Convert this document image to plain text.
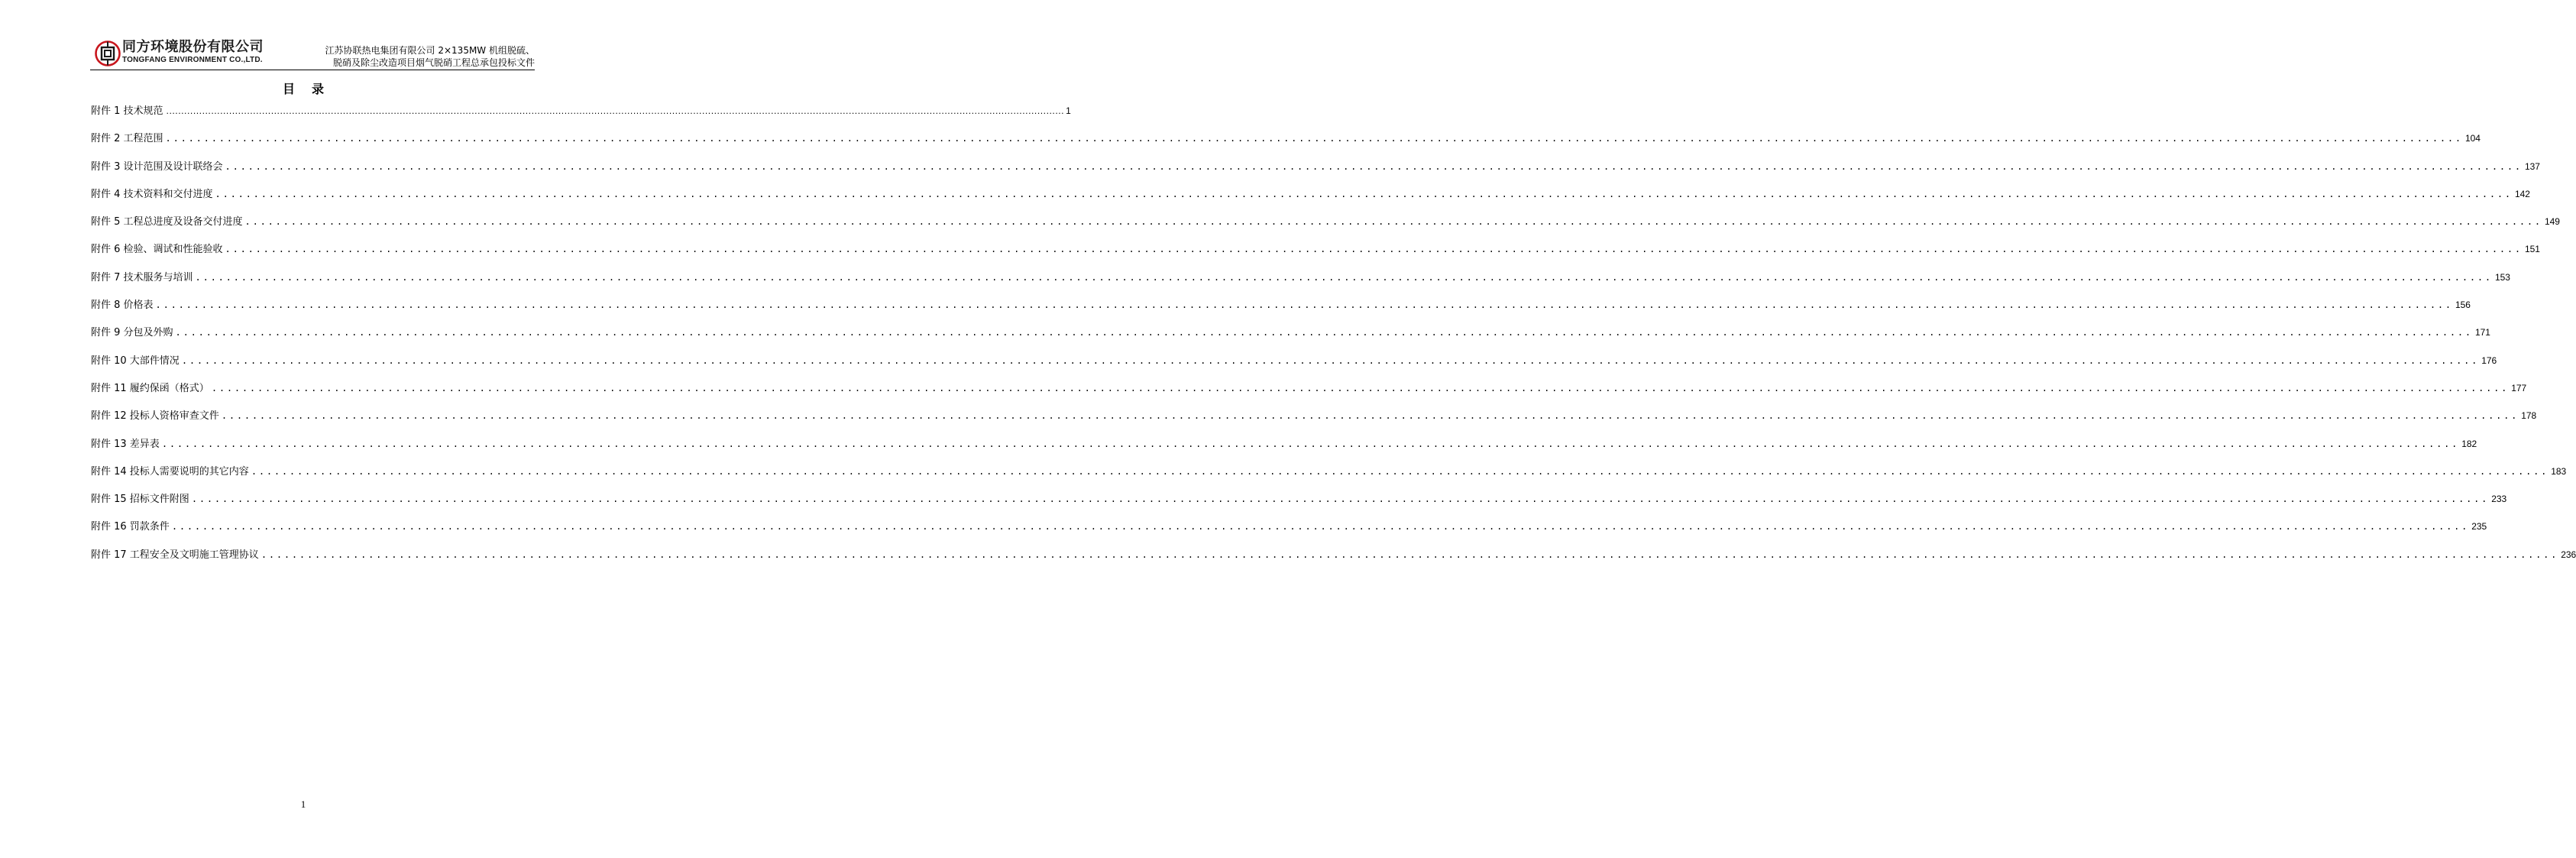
同方环境股份有限公司
TONGFANG ENVIRONMENT CO.,LTD.
江苏协联热电集团有限公司 2×135MW 机组脱硫、
脱硝及除尘改造项目烟气脱硝工程总承包投标文件
目录
附件 1 技术规范 ............................................................................................................................................................................................................................................................................................................ 1
附件 2 工程范围 ............................................................................................................................................................................................................................................................................................................ 104
附件 3 设计范围及设计联络会 ............................................................................................................................................................................................................................................................................................................ 137
附件 4 技术资料和交付进度 ............................................................................................................................................................................................................................................................................................................ 142
附件 5 工程总进度及设备交付进度 ............................................................................................................................................................................................................................................................................................................ 149
附件 6 检验、调试和性能验收 ............................................................................................................................................................................................................................................................................................................ 151
附件 7 技术服务与培训 ............................................................................................................................................................................................................................................................................................................ 153
附件 8 价格表 ............................................................................................................................................................................................................................................................................................................ 156
附件 9 分包及外购 ............................................................................................................................................................................................................................................................................................................ 171
附件 10 大部件情况 ............................................................................................................................................................................................................................................................................................................ 176
附件 11 履约保函（格式） ............................................................................................................................................................................................................................................................................................................ 177
附件 12 投标人资格审查文件 ............................................................................................................................................................................................................................................................................................................ 178
附件 13 差异表 ............................................................................................................................................................................................................................................................................................................ 182
附件 14 投标人需要说明的其它内容 ............................................................................................................................................................................................................................................................................................................ 183
附件 15 招标文件附图 ............................................................................................................................................................................................................................................................................................................ 233
附件 16 罚款条件 ............................................................................................................................................................................................................................................................................................................ 235
附件 17 工程安全及文明施工管理协议 ............................................................................................................................................................................................................................................................................................................ 236
1
